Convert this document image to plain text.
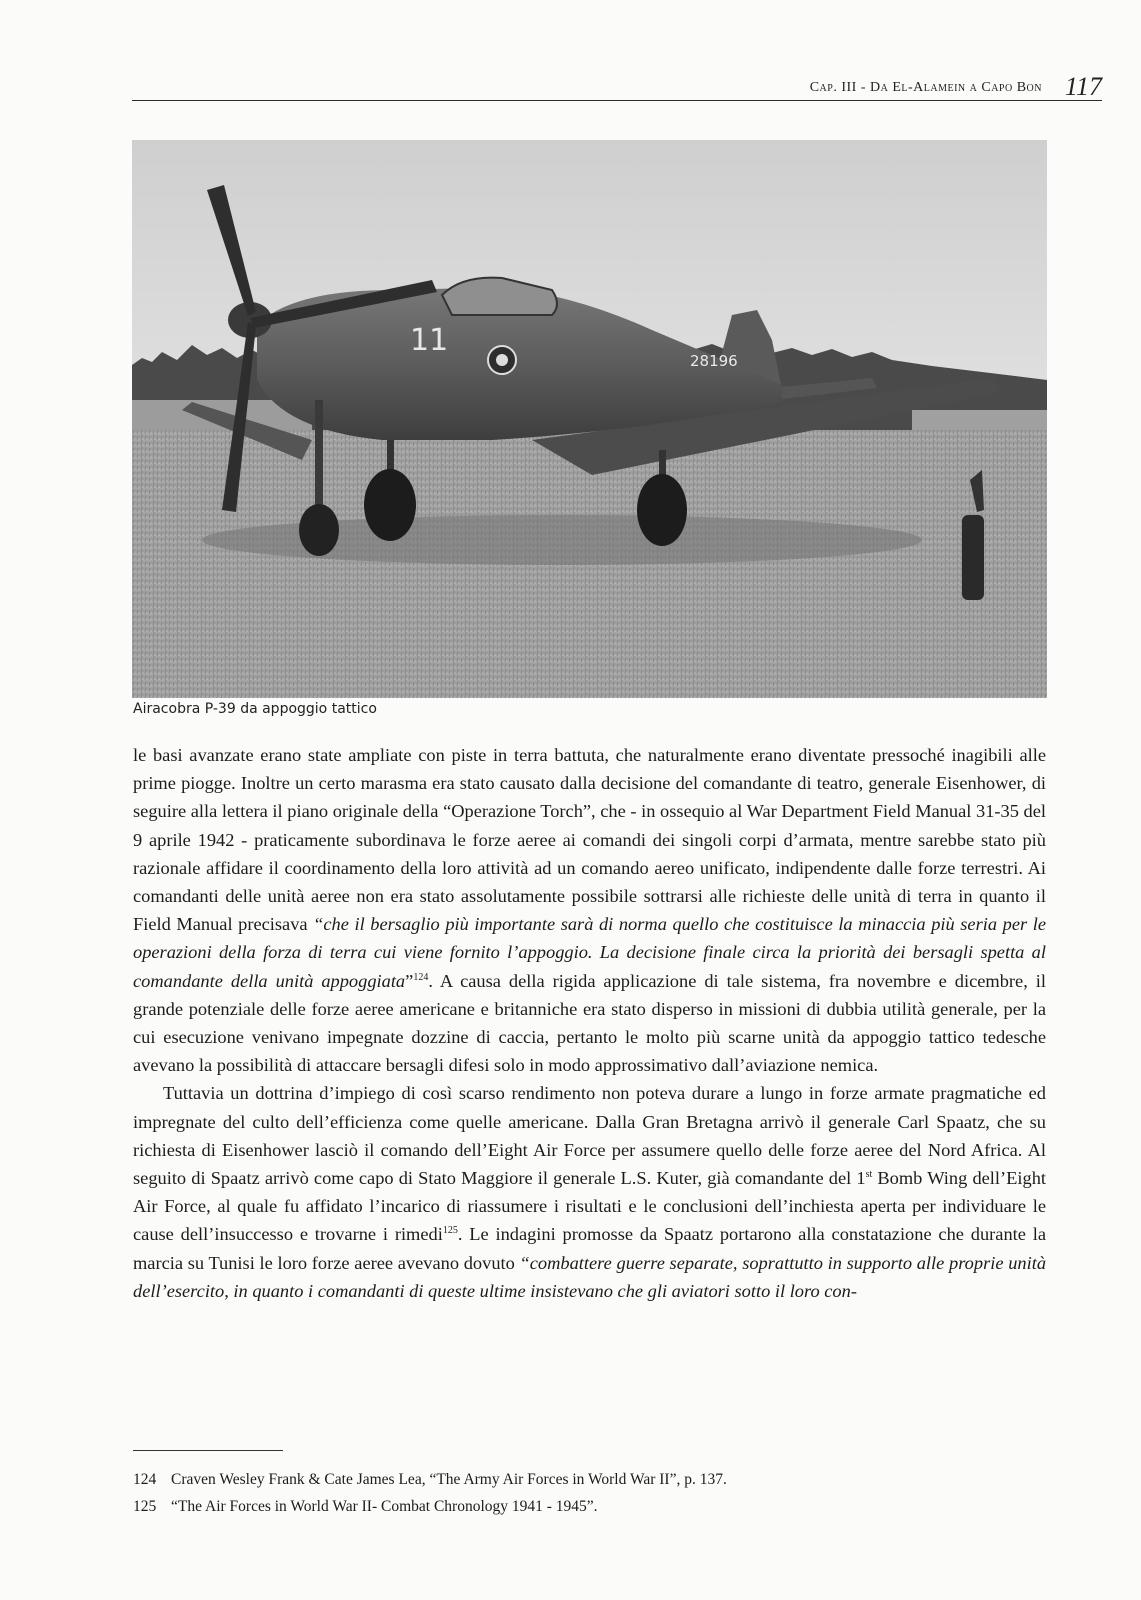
Cap. III - Da El-Alamein a Capo Bon 117
11
28196
Airacobra P-39 da appoggio tattico

le basi avanzate erano state ampliate con piste in terra battuta, che naturalmente erano diventate pressoché inagibili alle prime piogge. Inoltre un certo marasma era stato causato dalla decisione del comandante di teatro, generale Eisenhower, di seguire alla lettera il piano originale della “Operazione Torch”, che - in ossequio al War Department Field Manual 31-35 del 9 aprile 1942 - praticamente subordinava le forze aeree ai comandi dei singoli corpi d’armata, mentre sarebbe stato più razionale affidare il coordinamento della loro attività ad un comando aereo unificato, indipendente dalle forze terrestri. Ai comandanti delle unità aeree non era stato assolutamente possibile sottrarsi alle richieste delle unità di terra in quanto il Field Manual precisava “che il bersaglio più importante sarà di norma quello che costituisce la minaccia più seria per le operazioni della forza di terra cui viene fornito l’appoggio. La decisione finale circa la priorità dei bersagli spetta al comandante della unità appoggiata”$^{124}$. A causa della rigida applicazione di tale sistema, fra novembre e dicembre, il grande potenziale delle forze aeree americane e britanniche era stato disperso in missioni di dubbia utilità generale, per la cui esecuzione venivano impegnate dozzine di caccia, pertanto le molto più scarne unità da appoggio tattico tedesche avevano la possibilità di attaccare bersagli difesi solo in modo approssimativo dall’aviazione nemica.

Tuttavia un dottrina d’impiego di così scarso rendimento non poteva durare a lungo in forze armate pragmatiche ed impregnate del culto dell’efficienza come quelle americane. Dalla Gran Bretagna arrivò il generale Carl Spaatz, che su richiesta di Eisenhower lasciò il comando dell’Eight Air Force per assumere quello delle forze aeree del Nord Africa. Al seguito di Spaatz arrivò come capo di Stato Maggiore il generale L.S. Kuter, già comandante del 1st Bomb Wing dell’Eight Air Force, al quale fu affidato l’incarico di riassumere i risultati e le conclusioni dell’inchiesta aperta per individuare le cause dell’insuccesso e trovarne i rimedi$^{125}$. Le indagini promosse da Spaatz portarono alla constatazione che durante la marcia su Tunisi le loro forze aeree avevano dovuto “combattere guerre separate, soprattutto in supporto alle proprie unità dell’esercito, in quanto i comandanti di queste ultime insistevano che gli aviatori sotto il loro con-

124 Craven Wesley Frank & Cate James Lea, “The Army Air Forces in World War II”, p. 137.
125 “The Air Forces in World War II- Combat Chronology 1941 - 1945”.
